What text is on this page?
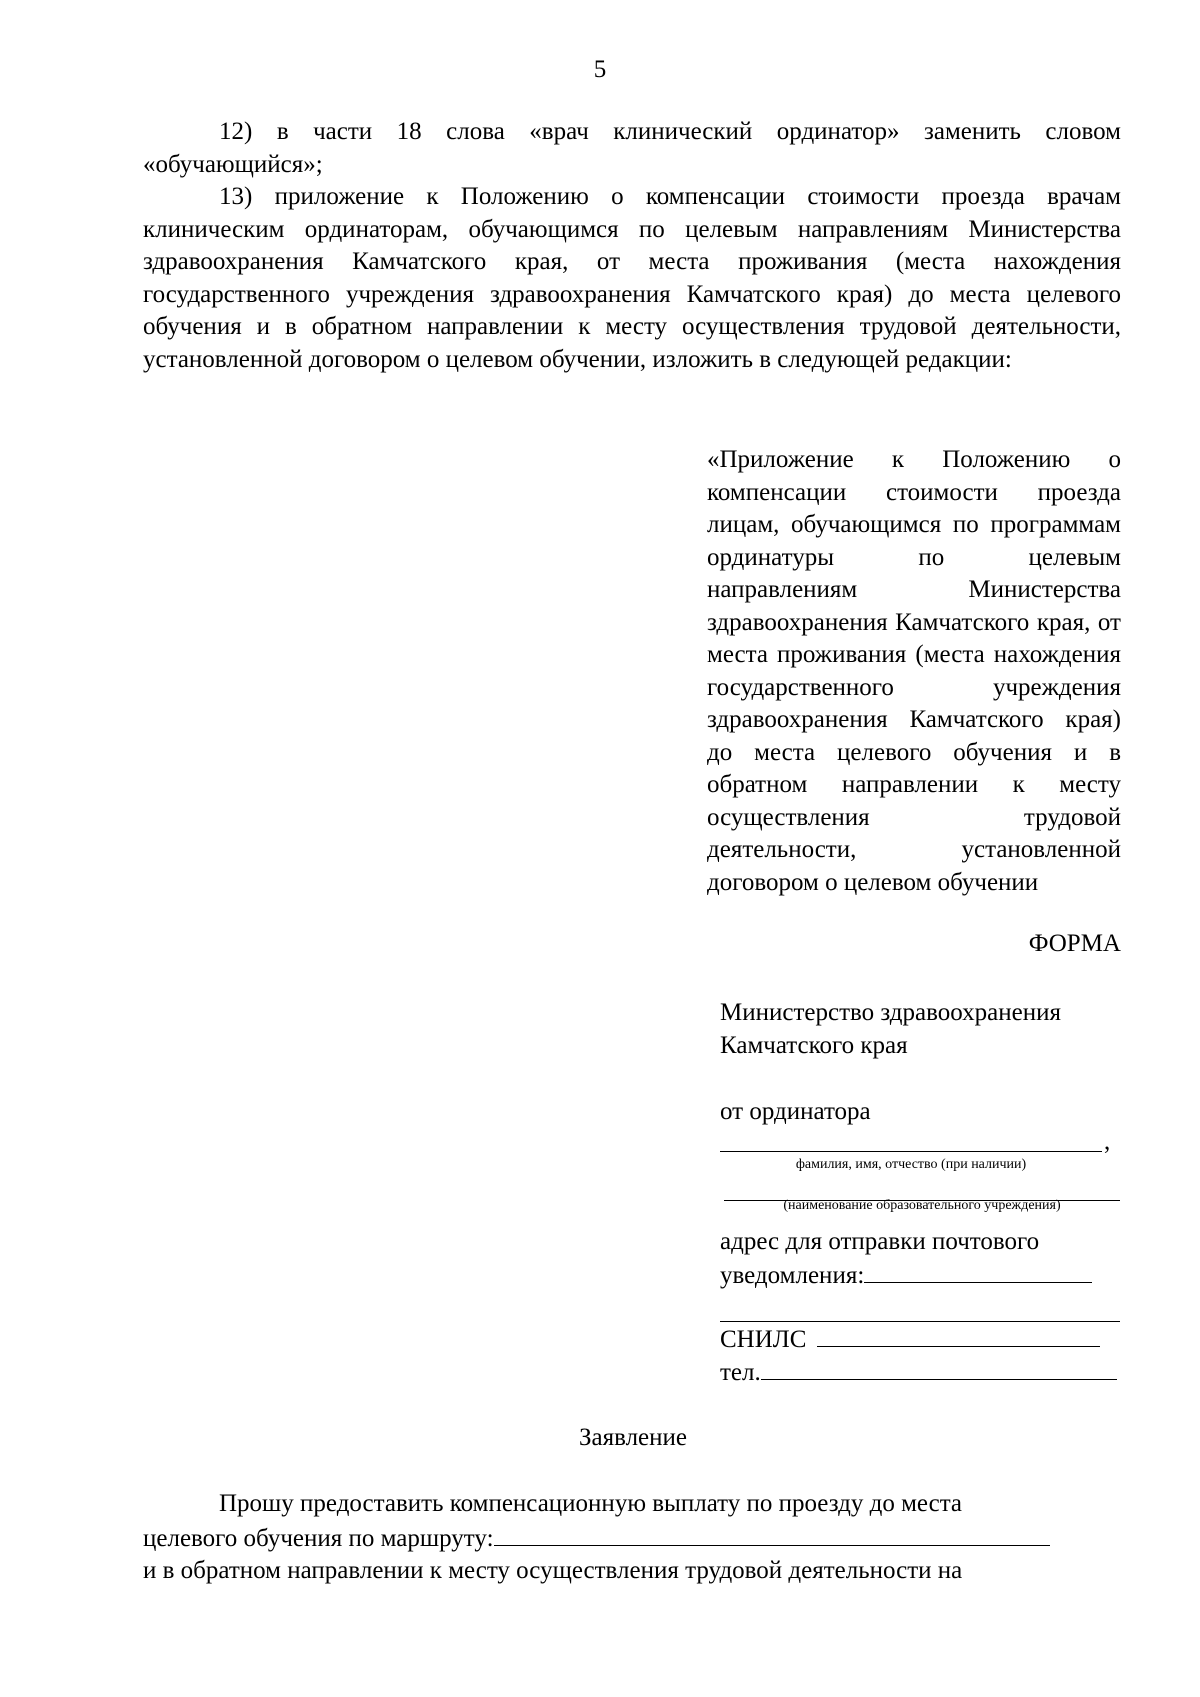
5

12) в части 18 слова «врач клинический ординатор» заменить словом «обучающийся»;

13) приложение к Положению о компенсации стоимости проезда врачам клиническим ординаторам, обучающимся по целевым направлениям Министерства здравоохранения Камчатского края, от места проживания (места нахождения государственного учреждения здравоохранения Камчатского края) до места целевого обучения и в обратном направлении к месту осуществления трудовой деятельности, установленной договором о целевом обучении, изложить в следующей редакции:

«Приложение к Положению о компенсации стоимости проезда лицам, обучающимся по программам ординатуры по целевым направлениям Министерства здравоохранения Камчатского края, от места проживания (места нахождения государственного учреждения здравоохранения Камчатского края) до места целевого обучения и в обратном направлении к месту осуществления трудовой деятельности, установленной договором о целевом обучении

ФОРМА
Министерство здравоохранения
Камчатского края
от ординатора
,
фамилия, имя, отчество (при наличии)
(наименование образовательного учреждения)
адрес для отправки почтового
уведомления:
СНИЛС
тел.
Заявление

Прошу предоставить компенсационную выплату по проезду до места

целевого обучения по маршруту:

и в обратном направлении к месту осуществления трудовой деятельности на
